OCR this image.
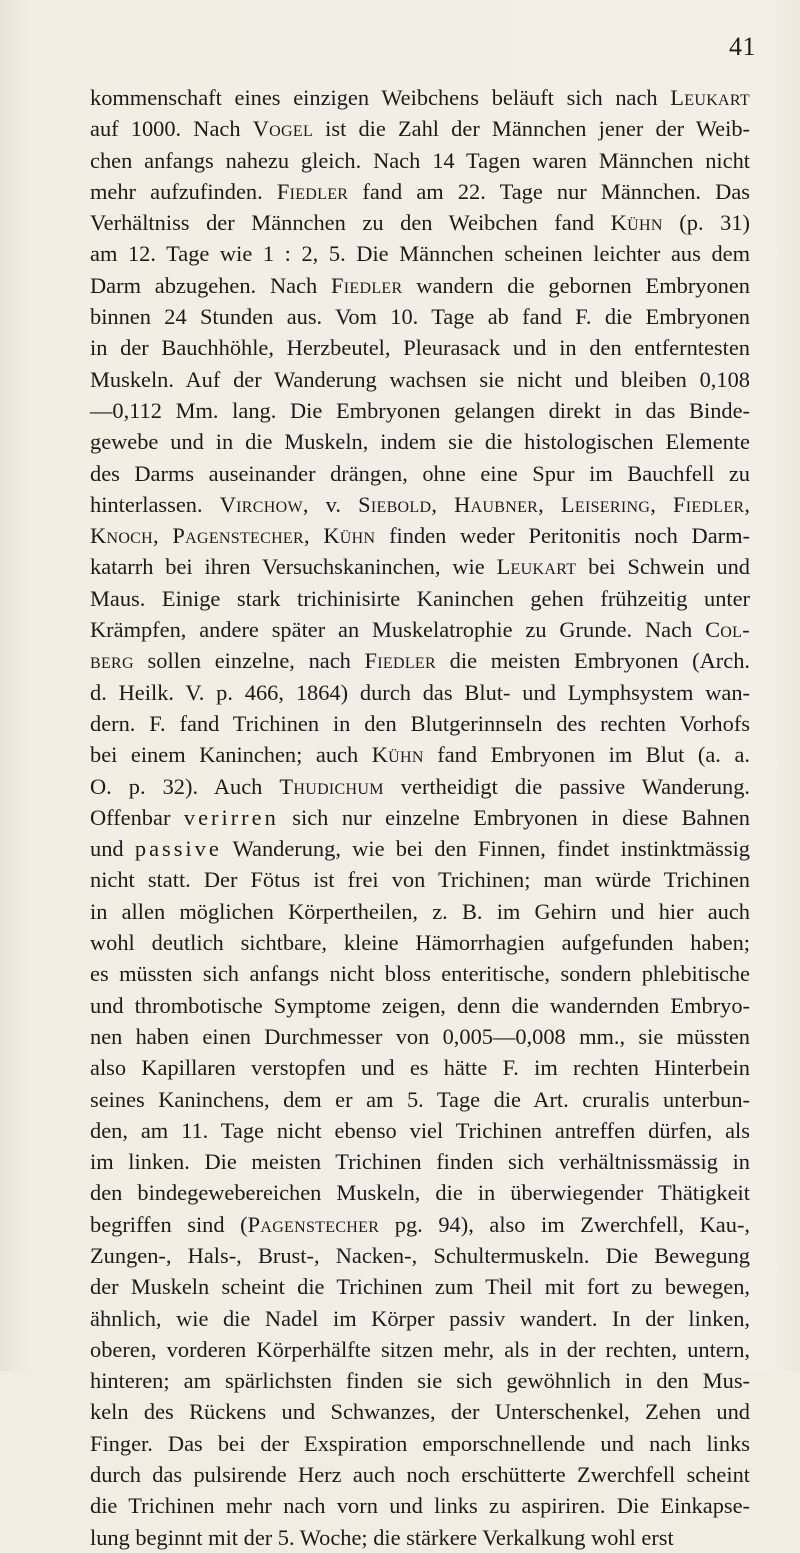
41
kommenschaft eines einzigen Weibchens beläuft sich nach Leukart
auf 1000. Nach Vogel ist die Zahl der Männchen jener der Weib-
chen anfangs nahezu gleich. Nach 14 Tagen waren Männchen nicht
mehr aufzufinden. Fiedler fand am 22. Tage nur Männchen. Das
Verhältniss der Männchen zu den Weibchen fand Kühn (p. 31)
am 12. Tage wie 1 : 2, 5. Die Männchen scheinen leichter aus dem
Darm abzugehen. Nach Fiedler wandern die gebornen Embryonen
binnen 24 Stunden aus. Vom 10. Tage ab fand F. die Embryonen
in der Bauchhöhle, Herzbeutel, Pleurasack und in den entferntesten
Muskeln. Auf der Wanderung wachsen sie nicht und bleiben 0,108
—0,112 Mm. lang. Die Embryonen gelangen direkt in das Binde-
gewebe und in die Muskeln, indem sie die histologischen Elemente
des Darms auseinander drängen, ohne eine Spur im Bauchfell zu
hinterlassen. Virchow, v. Siebold, Haubner, Leisering, Fiedler,
Knoch, Pagenstecher, Kühn finden weder Peritonitis noch Darm-
katarrh bei ihren Versuchskaninchen, wie Leukart bei Schwein und
Maus. Einige stark trichinisirte Kaninchen gehen frühzeitig unter
Krämpfen, andere später an Muskelatrophie zu Grunde. Nach Col-
berg sollen einzelne, nach Fiedler die meisten Embryonen (Arch.
d. Heilk. V. p. 466, 1864) durch das Blut- und Lymphsystem wan-
dern. F. fand Trichinen in den Blutgerinnseln des rechten Vorhofs
bei einem Kaninchen; auch Kühn fand Embryonen im Blut (a. a.
O. p. 32). Auch Thudichum vertheidigt die passive Wanderung.
Offenbar verirren sich nur einzelne Embryonen in diese Bahnen
und passive Wanderung, wie bei den Finnen, findet instinktmässig
nicht statt. Der Fötus ist frei von Trichinen; man würde Trichinen
in allen möglichen Körpertheilen, z. B. im Gehirn und hier auch
wohl deutlich sichtbare, kleine Hämorrhagien aufgefunden haben;
es müssten sich anfangs nicht bloss enteritische, sondern phlebitische
und thrombotische Symptome zeigen, denn die wandernden Embryo-
nen haben einen Durchmesser von 0,005—0,008 mm., sie müssten
also Kapillaren verstopfen und es hätte F. im rechten Hinterbein
seines Kaninchens, dem er am 5. Tage die Art. cruralis unterbun-
den, am 11. Tage nicht ebenso viel Trichinen antreffen dürfen, als
im linken. Die meisten Trichinen finden sich verhältnissmässig in
den bindegewebereichen Muskeln, die in überwiegender Thätigkeit
begriffen sind (Pagenstecher pg. 94), also im Zwerchfell, Kau-,
Zungen-, Hals-, Brust-, Nacken-, Schultermuskeln. Die Bewegung
der Muskeln scheint die Trichinen zum Theil mit fort zu bewegen,
ähnlich, wie die Nadel im Körper passiv wandert. In der linken,
oberen, vorderen Körperhälfte sitzen mehr, als in der rechten, untern,
hinteren; am spärlichsten finden sie sich gewöhnlich in den Mus-
keln des Rückens und Schwanzes, der Unterschenkel, Zehen und
Finger. Das bei der Exspiration emporschnellende und nach links
durch das pulsirende Herz auch noch erschütterte Zwerchfell scheint
die Trichinen mehr nach vorn und links zu aspiriren. Die Einkapse-
lung beginnt mit der 5. Woche; die stärkere Verkalkung wohl erst
